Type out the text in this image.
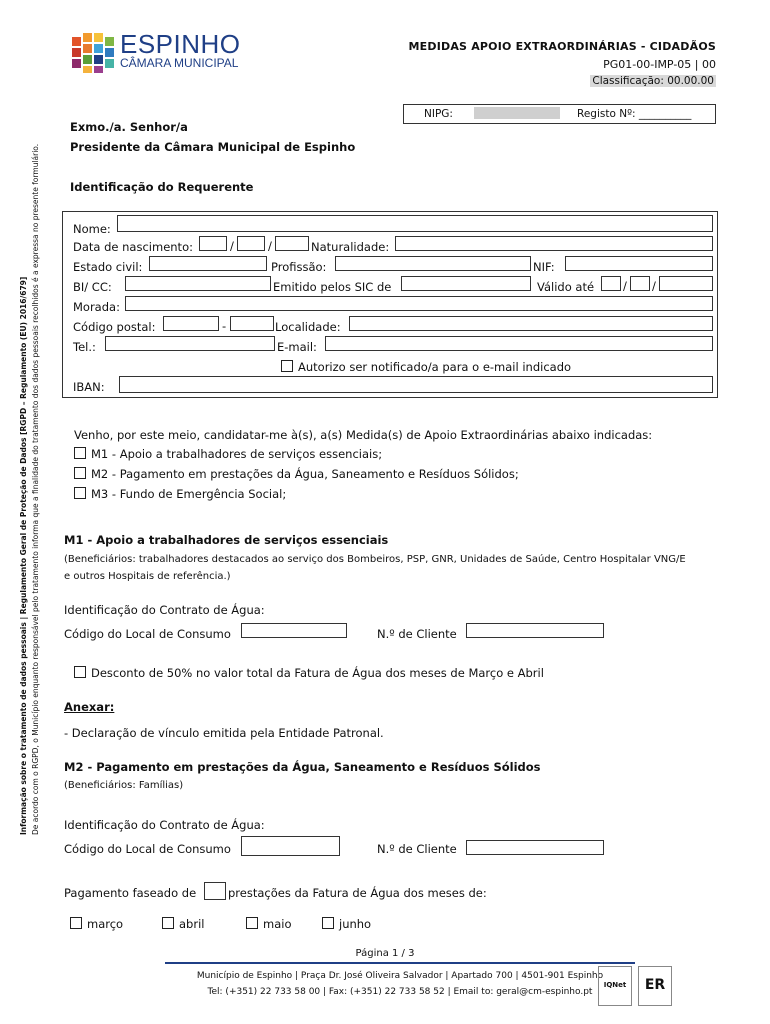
ESPINHO
CÂMARA MUNICIPAL
MEDIDAS APOIO EXTRAORDINÁRIAS - CIDADÃOS
PG01-00-IMP-05 | 00
Classificação: 00.00.00
NIPG:	Registo Nº: __________
Informação sobre o tratamento de dados pessoais | Regulamento Geral de Proteção de Dados [RGPD – Regulamento (EU) 2016/679] De acordo com o RGPD, o Município enquanto responsável pelo tratamento informa que a finalidade do tratamento dos dados pessoais recolhidos é a expressa no presente formulário.
Exmo./a. Senhor/a
Presidente da Câmara Municipal de Espinho
Identificação do Requerente
Nome:
Data de nascimento:	/	/	Naturalidade:
Estado civil:	Profissão:	NIF:
BI/ CC:	Emitido pelos SIC de	Válido até	/ /
Morada:
Código postal:	-	Localidade:
Tel.:	E-mail:
Autorizo ser notificado/a para o e-mail indicado
IBAN:
Venho, por este meio, candidatar-me à(s), a(s) Medida(s) de Apoio Extraordinárias abaixo indicadas:
M1 - Apoio a trabalhadores de serviços essenciais;
M2 - Pagamento em prestações da Água, Saneamento e Resíduos Sólidos;
M3 - Fundo de Emergência Social;
M1 - Apoio a trabalhadores de serviços essenciais
(Beneficiários: trabalhadores destacados ao serviço dos Bombeiros, PSP, GNR, Unidades de Saúde, Centro Hospitalar VNG/E
e outros Hospitais de referência.)
Identificação do Contrato de Água:
Código do Local de Consumo	N.º de Cliente
Desconto de 50% no valor total da Fatura de Água dos meses de Março e Abril
Anexar:
- Declaração de vínculo emitida pela Entidade Patronal.
M2 - Pagamento em prestações da Água, Saneamento e Resíduos Sólidos
(Beneficiários: Famílias)
Identificação do Contrato de Água:
Código do Local de Consumo	N.º de Cliente
Pagamento faseado de	prestações da Fatura de Água dos meses de:
março	abril	maio	junho
Página 1 / 3
Município de Espinho | Praça Dr. José Oliveira Salvador | Apartado 700 | 4501-901 Espinho
Tel: (+351) 22 733 58 00 | Fax: (+351) 22 733 58 52 | Email to: geral@cm-espinho.pt
IQNet	ER
